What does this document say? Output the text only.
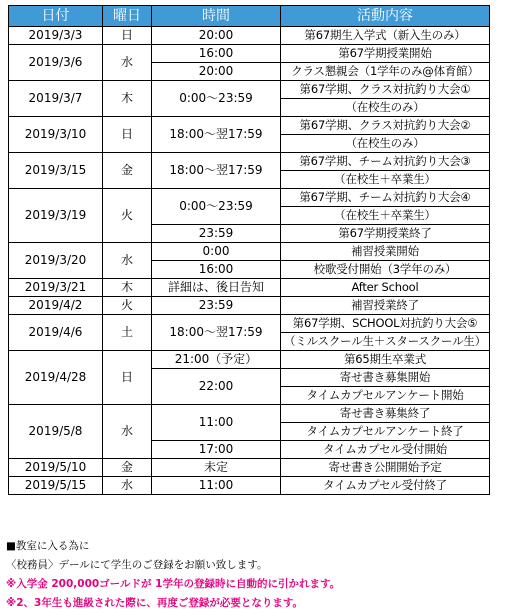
日付	曜日	時間	活動内容
2019/3/3	日	20:00	第67期生入学式（新入生のみ）
2019/3/6	水	16:00	第67学期授業開始
		20:00	クラス懇親会（1学年のみ@体育館）
2019/3/7	木	0:00～23:59	第67学期、クラス対抗釣り大会①
			（在校生のみ）
2019/3/10	日	18:00～翌17:59	第67学期、クラス対抗釣り大会②
			（在校生のみ）
2019/3/15	金	18:00～翌17:59	第67学期、チーム対抗釣り大会③
			（在校生＋卒業生）
2019/3/19	火	0:00～23:59	第67学期、チーム対抗釣り大会④
			（在校生＋卒業生）
		23:59	第67学期授業終了
2019/3/20	水	0:00	補習授業開始
		16:00	校歌受付開始（3学年のみ）
2019/3/21	木	詳細は、後日告知	After School
2019/4/2	火	23:59	補習授業終了
2019/4/6	土	18:00～翌17:59	第67学期、SCHOOL対抗釣り大会⑤
			（ミルスクール生＋スタースクール生）
2019/4/28	日	21:00（予定）	第65期生卒業式
		22:00	寄せ書き募集開始
			タイムカプセルアンケート開始
2019/5/8	水	11:00	寄せ書き募集終了
			タイムカプセルアンケート終了
		17:00	タイムカプセル受付開始
2019/5/10	金	未定	寄せ書き公開開始予定
2019/5/15	水	11:00	タイムカプセル受付終了
■教室に入る為に
〈校務員〉デールにて学生のご登録をお願い致します。
※入学金 200,000ゴールドが 1学年の登録時に自動的に引かれます。
※2、3年生も進級された際に、再度ご登録が必要となります。
